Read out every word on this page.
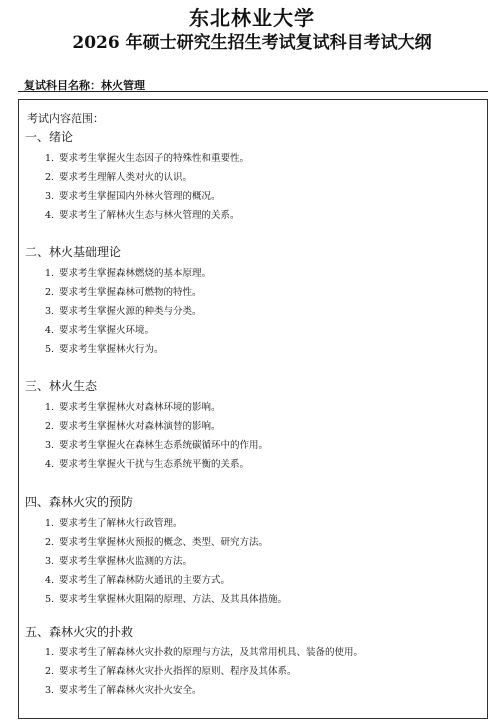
东北林业大学
2026 年硕士研究生招生考试复试科目考试大纲
复试科目名称：林火管理
考试内容范围：
一、绪论
1. 要求考生掌握火生态因子的特殊性和重要性。
2. 要求考生理解人类对火的认识。
3. 要求考生掌握国内外林火管理的概况。
4. 要求考生了解林火生态与林火管理的关系。
二、林火基础理论
1. 要求考生掌握森林燃烧的基本原理。
2. 要求考生掌握森林可燃物的特性。
3. 要求考生掌握火源的种类与分类。
4. 要求考生掌握火环境。
5. 要求考生掌握林火行为。
三、林火生态
1. 要求考生掌握林火对森林环境的影响。
2. 要求考生掌握林火对森林演替的影响。
3. 要求考生掌握火在森林生态系统碳循环中的作用。
4. 要求考生掌握火干扰与生态系统平衡的关系。
四、森林火灾的预防
1. 要求考生了解林火行政管理。
2. 要求考生掌握林火预报的概念、类型、研究方法。
3. 要求考生掌握林火监测的方法。
4. 要求考生了解森林防火通讯的主要方式。
5. 要求考生掌握林火阻隔的原理、方法、及其具体措施。
五、森林火灾的扑救
1. 要求考生了解森林火灾扑救的原理与方法，及其常用机具、装备的使用。
2. 要求考生了解森林火灾扑火指挥的原则、程序及其体系。
3. 要求考生了解森林火灾扑火安全。
